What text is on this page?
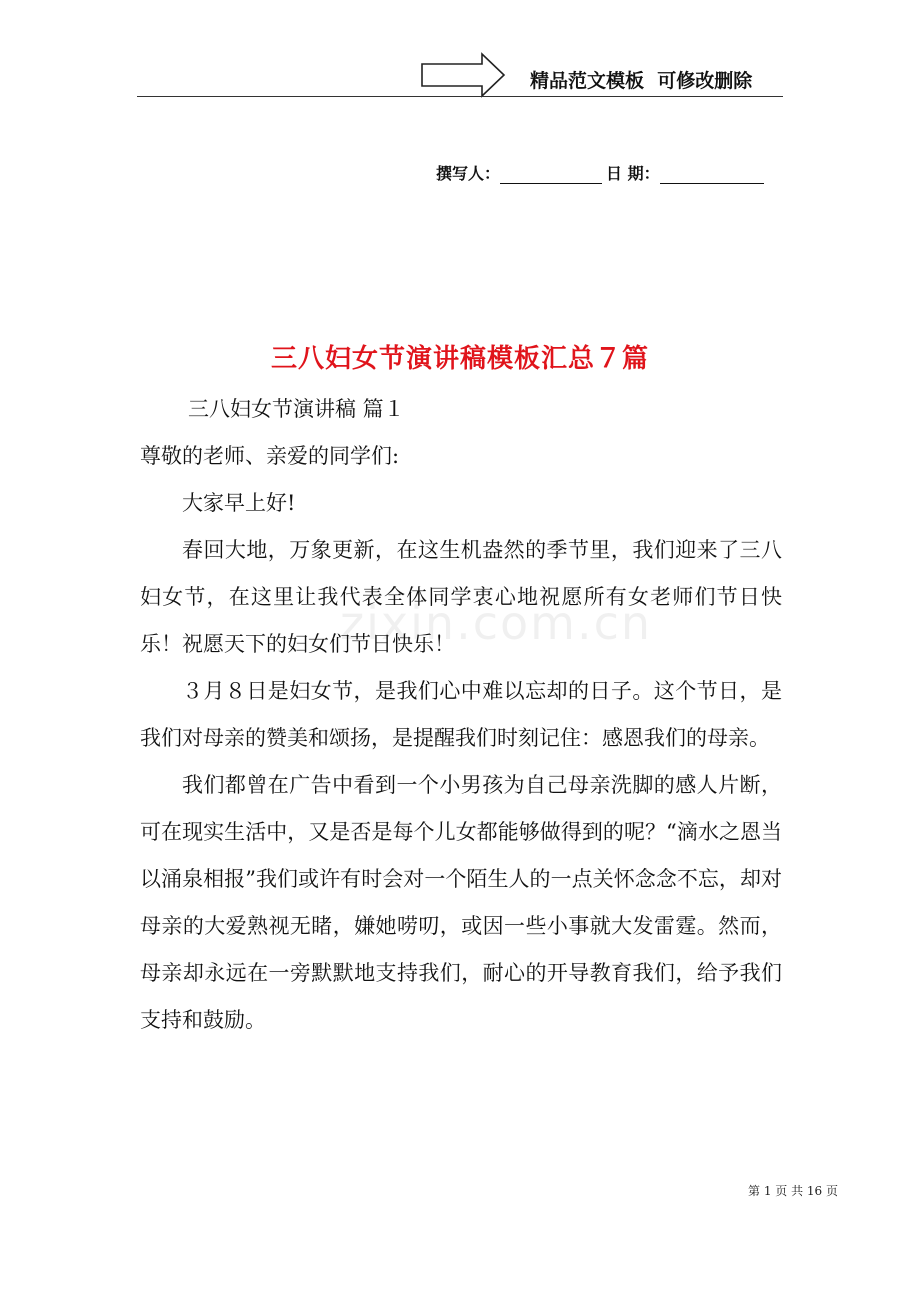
精品范文模板  可修改删除
撰写人：	日 期：
三八妇女节演讲稿模板汇总７篇

三八妇女节演讲稿 篇１

尊敬的老师、亲爱的同学们:

大家早上好!

春回大地，万象更新，在这生机盎然的季节里，我们迎来了三八妇女节，在这里让我代表全体同学衷心地祝愿所有女老师们节日快乐！祝愿天下的妇女们节日快乐！

３月８日是妇女节，是我们心中难以忘却的日子。这个节日，是我们对母亲的赞美和颂扬，是提醒我们时刻记住：感恩我们的母亲。

我们都曾在广告中看到一个小男孩为自己母亲洗脚的感人片断，可在现实生活中，又是否是每个儿女都能够做得到的呢？“滴水之恩当以涌泉相报”我们或许有时会对一个陌生人的一点关怀念念不忘，却对母亲的大爱熟视无睹，嫌她唠叨，或因一些小事就大发雷霆。然而，母亲却永远在一旁默默地支持我们，耐心的开导教育我们，给予我们支持和鼓励。

zixin.com.cn
第 1 页 共 16 页
